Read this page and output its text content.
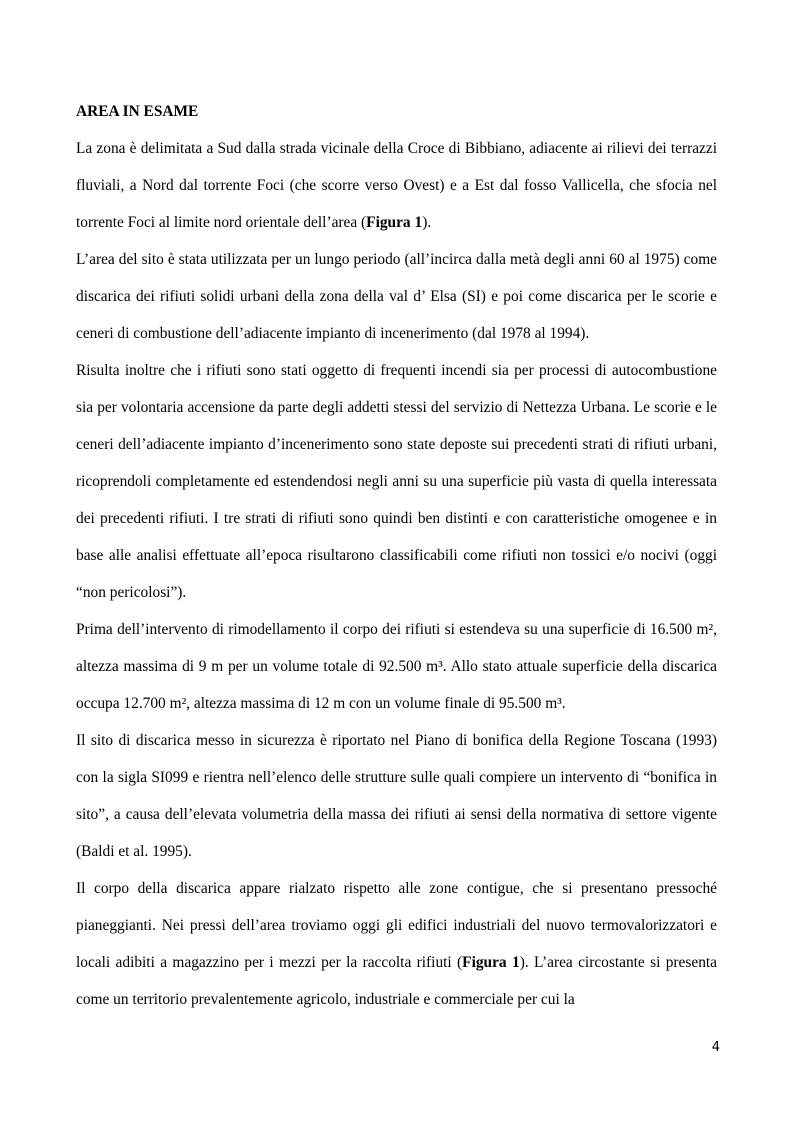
AREA IN ESAME

La zona è delimitata a Sud dalla strada vicinale della Croce di Bibbiano, adiacente ai rilievi dei terrazzi fluviali, a Nord dal torrente Foci (che scorre verso Ovest) e a Est dal fosso Vallicella, che sfocia nel torrente Foci al limite nord orientale dell’area (Figura 1).

L’area del sito è stata utilizzata per un lungo periodo (all’incirca dalla metà degli anni 60 al 1975) come discarica dei rifiuti solidi urbani della zona della val d’ Elsa (SI) e poi come discarica per le scorie e ceneri di combustione dell’adiacente impianto di incenerimento (dal 1978 al 1994).

Risulta inoltre che i rifiuti sono stati oggetto di frequenti incendi sia per processi di autocombustione sia per volontaria accensione da parte degli addetti stessi del servizio di Nettezza Urbana. Le scorie e le ceneri dell’adiacente impianto d’incenerimento sono state deposte sui precedenti strati di rifiuti urbani, ricoprendoli completamente ed estendendosi negli anni su una superficie più vasta di quella interessata dei precedenti rifiuti. I tre strati di rifiuti sono quindi ben distinti e con caratteristiche omogenee e in base alle analisi effettuate all’epoca risultarono classificabili come rifiuti non tossici e/o nocivi (oggi “non pericolosi”).

Prima dell’intervento di rimodellamento il corpo dei rifiuti si estendeva su una superficie di 16.500 m², altezza massima di 9 m per un volume totale di 92.500 m³. Allo stato attuale superficie della discarica occupa 12.700 m², altezza massima di 12 m con un volume finale di 95.500 m³.

Il sito di discarica messo in sicurezza è riportato nel Piano di bonifica della Regione Toscana (1993) con la sigla SI099 e rientra nell’elenco delle strutture sulle quali compiere un intervento di “bonifica in sito”, a causa dell’elevata volumetria della massa dei rifiuti ai sensi della normativa di settore vigente (Baldi et al. 1995).

Il corpo della discarica appare rialzato rispetto alle zone contigue, che si presentano pressoché pianeggianti. Nei pressi dell’area troviamo oggi gli edifici industriali del nuovo termovalorizzatori e locali adibiti a magazzino per i mezzi per la raccolta rifiuti (Figura 1). L’area circostante si presenta come un territorio prevalentemente agricolo, industriale e commerciale per cui la

4
